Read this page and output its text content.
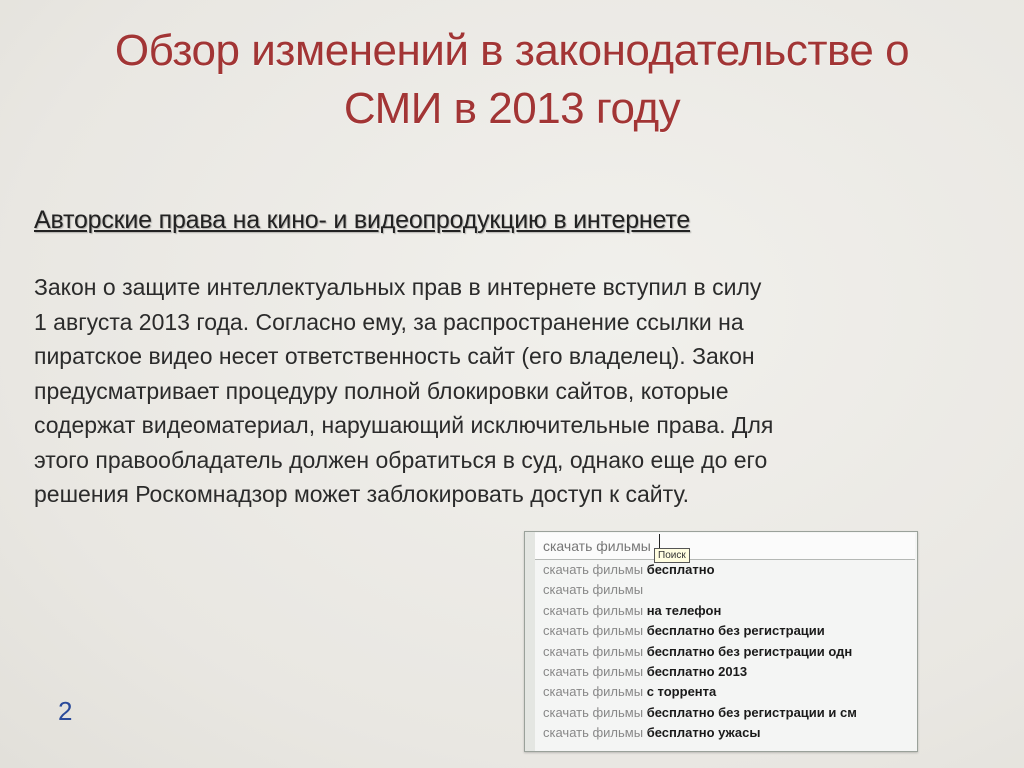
Обзор изменений в законодательстве о
СМИ в 2013 году
Авторские права на кино- и видеопродукцию в интернете
Закон о защите интеллектуальных прав в интернете вступил в силу
1 августа 2013 года. Согласно ему, за распространение ссылки на
пиратское видео несет ответственность сайт (его владелец). Закон
предусматривает процедуру полной блокировки сайтов, которые
содержат видеоматериал, нарушающий исключительные права. Для
этого правообладатель должен обратиться в суд, однако еще до его
решения Роскомнадзор может заблокировать доступ к сайту.
скачать фильмы
Поиск
скачать фильмы бесплатно
скачать фильмы
скачать фильмы на телефон
скачать фильмы бесплатно без регистрации
скачать фильмы бесплатно без регистрации одн
скачать фильмы бесплатно 2013
скачать фильмы с торрента
скачать фильмы бесплатно без регистрации и см
скачать фильмы бесплатно ужасы
2
